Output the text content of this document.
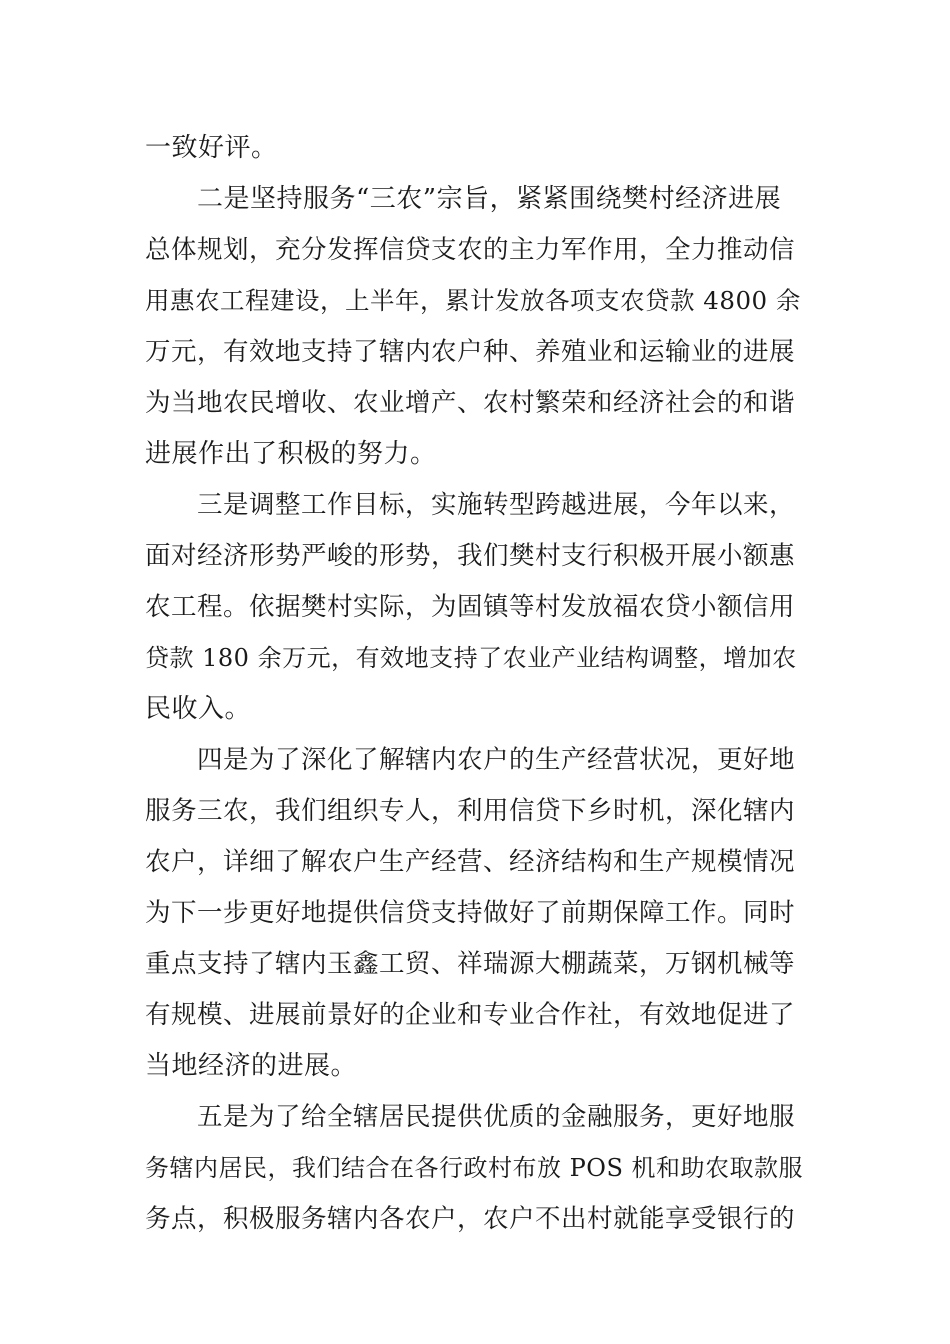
一致好评。
二是坚持服务“三农”宗旨，紧紧围绕樊村经济进展
总体规划，充分发挥信贷支农的主力军作用，全力推动信
用惠农工程建设，上半年，累计发放各项支农贷款 4800 余
万元，有效地支持了辖内农户种、养殖业和运输业的进展
为当地农民增收、农业增产、农村繁荣和经济社会的和谐
进展作出了积极的努力。
三是调整工作目标，实施转型跨越进展，今年以来，
面对经济形势严峻的形势，我们樊村支行积极开展小额惠
农工程。依据樊村实际，为固镇等村发放福农贷小额信用
贷款 180 余万元，有效地支持了农业产业结构调整，增加农
民收入。
四是为了深化了解辖内农户的生产经营状况，更好地
服务三农，我们组织专人，利用信贷下乡时机，深化辖内
农户，详细了解农户生产经营、经济结构和生产规模情况
为下一步更好地提供信贷支持做好了前期保障工作。同时
重点支持了辖内玉鑫工贸、祥瑞源大棚蔬菜，万钢机械等
有规模、进展前景好的企业和专业合作社，有效地促进了
当地经济的进展。
五是为了给全辖居民提供优质的金融服务，更好地服
务辖内居民，我们结合在各行政村布放 POS 机和助农取款服
务点，积极服务辖内各农户，农户不出村就能享受银行的
